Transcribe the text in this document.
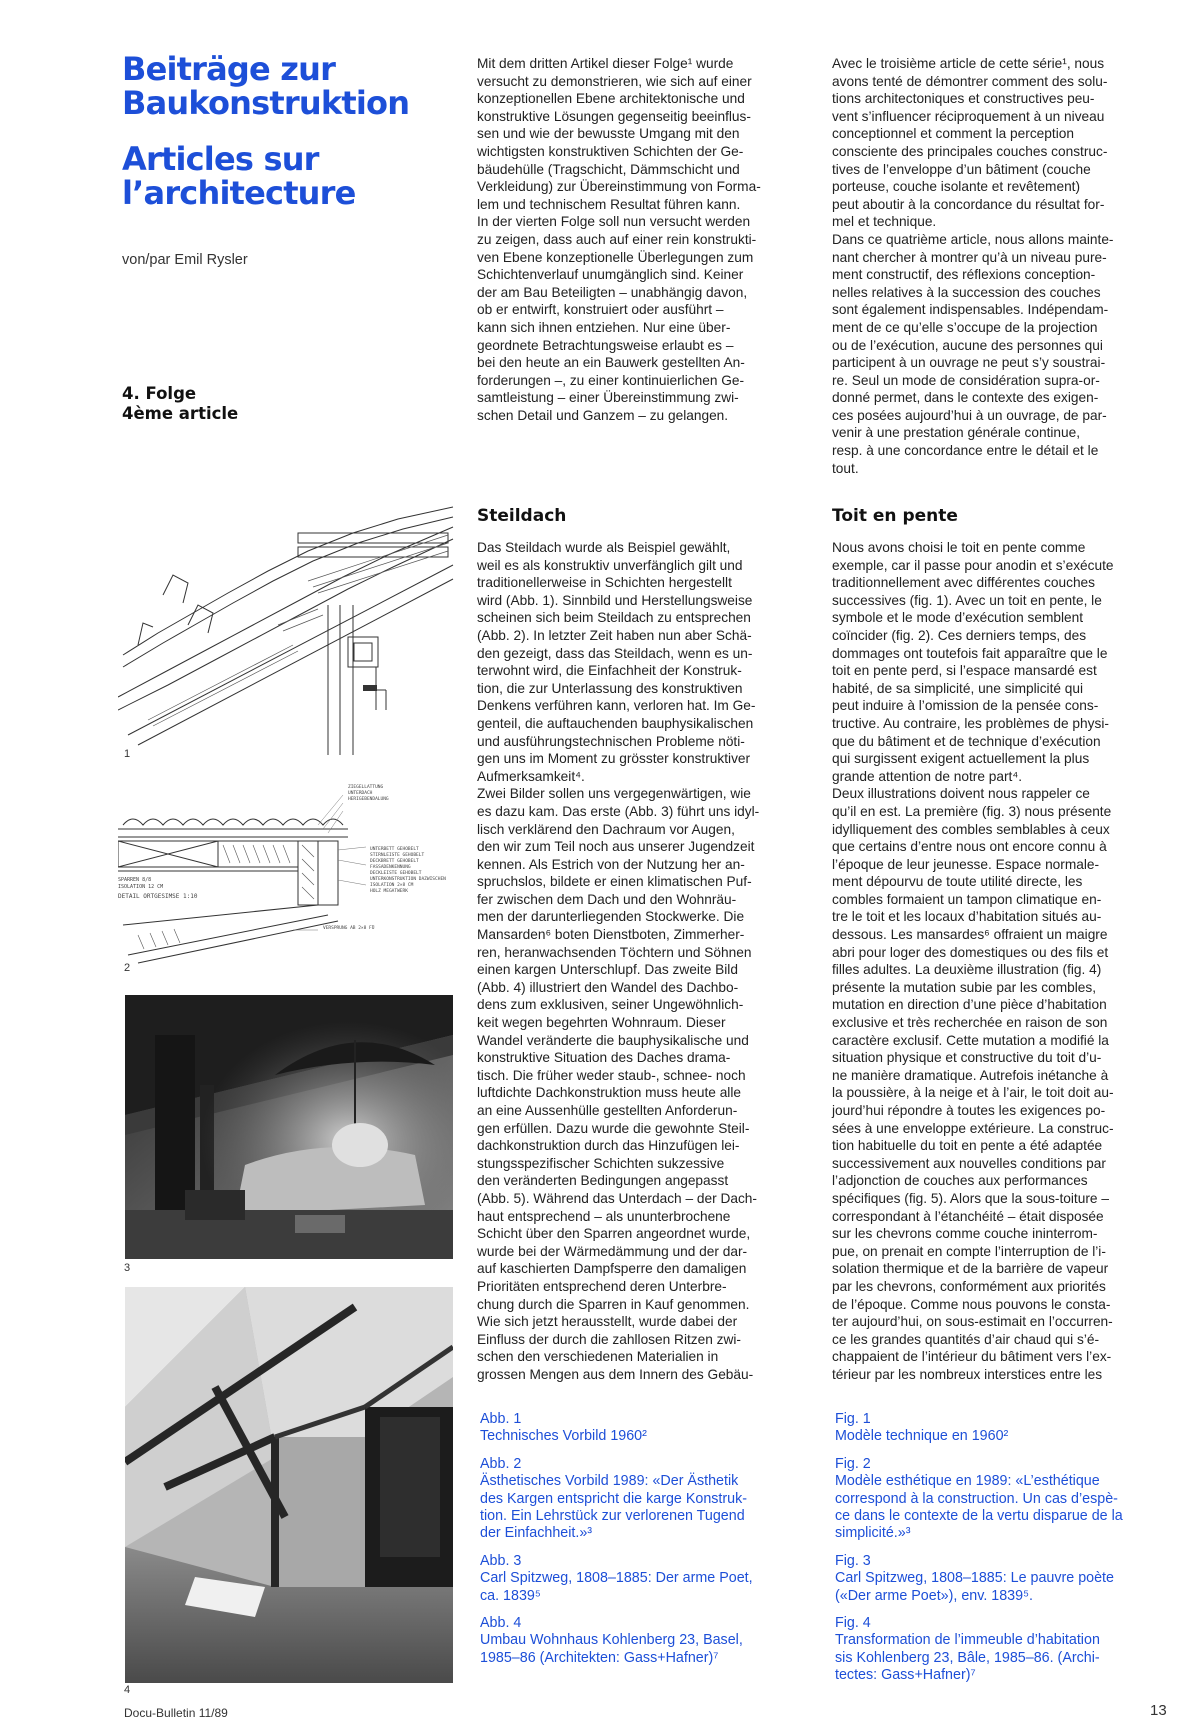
Beiträge zur
Baukonstruktion
Articles sur
l’architecture
von/par Emil Rysler
4. Folge
4ème article

Mit dem dritten Artikel dieser Folge¹ wurde

versucht zu demonstrieren, wie sich auf einer

konzeptionellen Ebene architektonische und

konstruktive Lösungen gegenseitig beeinflus-

sen und wie der bewusste Umgang mit den

wichtigsten konstruktiven Schichten der Ge-

bäudehülle (Tragschicht, Dämmschicht und

Verkleidung) zur Übereinstimmung von Forma-

lem und technischem Resultat führen kann.

In der vierten Folge soll nun versucht werden

zu zeigen, dass auch auf einer rein konstrukti-

ven Ebene konzeptionelle Überlegungen zum

Schichtenverlauf unumgänglich sind. Keiner

der am Bau Beteiligten – unabhängig davon,

ob er entwirft, konstruiert oder ausführt –

kann sich ihnen entziehen. Nur eine über-

geordnete Betrachtungsweise erlaubt es –

bei den heute an ein Bauwerk gestellten An-

forderungen –, zu einer kontinuierlichen Ge-

samtleistung – einer Übereinstimmung zwi-

schen Detail und Ganzem – zu gelangen.

Avec le troisième article de cette série¹, nous

avons tenté de démontrer comment des solu-

tions architectoniques et constructives peu-

vent s’influencer réciproquement à un niveau

conceptionnel et comment la perception

consciente des principales couches construc-

tives de l’enveloppe d’un bâtiment (couche

porteuse, couche isolante et revêtement)

peut aboutir à la concordance du résultat for-

mel et technique.

Dans ce quatrième article, nous allons mainte-

nant chercher à montrer qu’à un niveau pure-

ment constructif, des réflexions conception-

nelles relatives à la succession des couches

sont également indispensables. Indépendam-

ment de ce qu’elle s’occupe de la projection

ou de l’exécution, aucune des personnes qui

participent à un ouvrage ne peut s’y soustrai-

re. Seul un mode de considération supra-or-

donné permet, dans le contexte des exigen-

ces posées aujourd’hui à un ouvrage, de par-

venir à une prestation générale continue,

resp. à une concordance entre le détail et le

tout.

Steildach	Toit en pente

Das Steildach wurde als Beispiel gewählt,

weil es als konstruktiv unverfänglich gilt und

traditionellerweise in Schichten hergestellt

wird (Abb. 1). Sinnbild und Herstellungsweise

scheinen sich beim Steildach zu entsprechen

(Abb. 2). In letzter Zeit haben nun aber Schä-

den gezeigt, dass das Steildach, wenn es un-

terwohnt wird, die Einfachheit der Konstruk-

tion, die zur Unterlassung des konstruktiven

Denkens verführen kann, verloren hat. Im Ge-

genteil, die auftauchenden bauphysikalischen

und ausführungstechnischen Probleme nöti-

gen uns im Moment zu grösster konstruktiver

Aufmerksamkeit⁴.

Zwei Bilder sollen uns vergegenwärtigen, wie

es dazu kam. Das erste (Abb. 3) führt uns idyl-

lisch verklärend den Dachraum vor Augen,

den wir zum Teil noch aus unserer Jugendzeit

kennen. Als Estrich von der Nutzung her an-

spruchslos, bildete er einen klimatischen Puf-

fer zwischen dem Dach und den Wohnräu-

men der darunterliegenden Stockwerke. Die

Mansarden⁶ boten Dienstboten, Zimmerher-

ren, heranwachsenden Töchtern und Söhnen

einen kargen Unterschlupf. Das zweite Bild

(Abb. 4) illustriert den Wandel des Dachbo-

dens zum exklusiven, seiner Ungewöhnlich-

keit wegen begehrten Wohnraum. Dieser

Wandel veränderte die bauphysikalische und

konstruktive Situation des Daches drama-

tisch. Die früher weder staub-, schnee- noch

luftdichte Dachkonstruktion muss heute alle

an eine Aussenhülle gestellten Anforderun-

gen erfüllen. Dazu wurde die gewohnte Steil-

dachkonstruktion durch das Hinzufügen lei-

stungsspezifischer Schichten sukzessive

den veränderten Bedingungen angepasst

(Abb. 5). Während das Unterdach – der Dach-

haut entsprechend – als ununterbrochene

Schicht über den Sparren angeordnet wurde,

wurde bei der Wärmedämmung und der dar-

auf kaschierten Dampfsperre den damaligen

Prioritäten entsprechend deren Unterbre-

chung durch die Sparren in Kauf genommen.

Wie sich jetzt herausstellt, wurde dabei der

Einfluss der durch die zahllosen Ritzen zwi-

schen den verschiedenen Materialien in

grossen Mengen aus dem Innern des Gebäu-

Nous avons choisi le toit en pente comme

exemple, car il passe pour anodin et s’exécute

traditionnellement avec différentes couches

successives (fig. 1). Avec un toit en pente, le

symbole et le mode d’exécution semblent

coïncider (fig. 2). Ces derniers temps, des

dommages ont toutefois fait apparaître que le

toit en pente perd, si l’espace mansardé est

habité, de sa simplicité, une simplicité qui

peut induire à l’omission de la pensée cons-

tructive. Au contraire, les problèmes de physi-

que du bâtiment et de technique d’exécution

qui surgissent exigent actuellement la plus

grande attention de notre part⁴.

Deux illustrations doivent nous rappeler ce

qu’il en est. La première (fig. 3) nous présente

idylliquement des combles semblables à ceux

que certains d’entre nous ont encore connu à

l’époque de leur jeunesse. Espace normale-

ment dépourvu de toute utilité directe, les

combles formaient un tampon climatique en-

tre le toit et les locaux d’habitation situés au-

dessous. Les mansardes⁶ offraient un maigre

abri pour loger des domestiques ou des fils et

filles adultes. La deuxième illustration (fig. 4)

présente la mutation subie par les combles,

mutation en direction d’une pièce d’habitation

exclusive et très recherchée en raison de son

caractère exclusif. Cette mutation a modifié la

situation physique et constructive du toit d’u-

ne manière dramatique. Autrefois inétanche à

la poussière, à la neige et à l’air, le toit doit au-

jourd’hui répondre à toutes les exigences po-

sées à une enveloppe extérieure. La construc-

tion habituelle du toit en pente a été adaptée

successivement aux nouvelles conditions par

l’adjonction de couches aux performances

spécifiques (fig. 5). Alors que la sous-toiture –

correspondant à l’étanchéité – était disposée

sur les chevrons comme couche ininterrom-

pue, on prenait en compte l’interruption de l’i-

solation thermique et de la barrière de vapeur

par les chevrons, conformément aux priorités

de l’époque. Comme nous pouvons le consta-

ter aujourd’hui, on sous-estimait en l’occurren-

ce les grandes quantités d’air chaud qui s’é-

chappaient de l’intérieur du bâtiment vers l’ex-

térieur par les nombreux interstices entre les

Abb. 1
Technisches Vorbild 1960²
Abb. 2
Ästhetisches Vorbild 1989: «Der Ästhetik
des Kargen entspricht die karge Konstruk-
tion. Ein Lehrstück zur verlorenen Tugend
der Einfachheit.»³
Abb. 3
Carl Spitzweg, 1808–1885: Der arme Poet,
ca. 1839⁵
Abb. 4
Umbau Wohnhaus Kohlenberg 23, Basel,
1985–86 (Architekten: Gass+Hafner)⁷
Fig. 1
Modèle technique en 1960²
Fig. 2
Modèle esthétique en 1989: «L’esthétique
correspond à la construction. Un cas d’espè-
ce dans le contexte de la vertu disparue de la
simplicité.»³
Fig. 3
Carl Spitzweg, 1808–1885: Le pauvre poète
(«Der arme Poet»), env. 1839⁵.
Fig. 4
Transformation de l’immeuble d’habitation
sis Kohlenberg 23, Bâle, 1985–86. (Archi-
tectes: Gass+Hafner)⁷
1
ZIEGELLATTUNG
UNTERDACH
HERIGEBENDALUNG
UNTERBETT GEHOBELT
STIRNLEISTE GEHOBELT
DECKBRETT GEHOBELT
FASSADENKENNUNG
DECKLEISTE GEHOBELT
UNTERKONSTRUKTION DAZWISCHEN
ISOLATION 2×8 CM
HOLZ MEGATWERK
SPARREN 8/8
ISOLATION 12 CM
DETAIL ORTGESIMSE 1:10
VERSPRUNG AB 2×8 FÜ
2
3
4
Docu-Bulletin 11/89	13
